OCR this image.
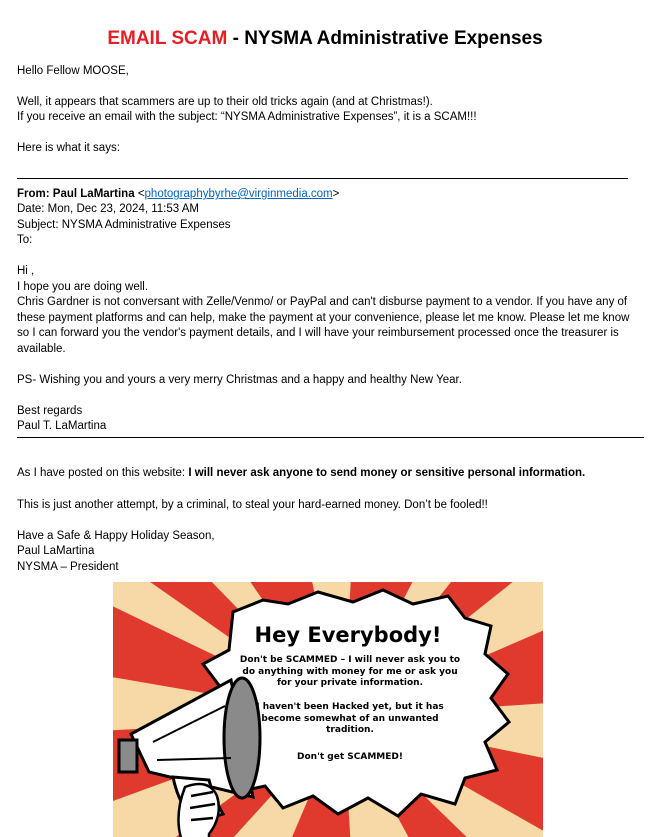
EMAIL SCAM - NYSMA Administrative Expenses
Hello Fellow MOOSE,
Well, it appears that scammers are up to their old tricks again (and at Christmas!).
If you receive an email with the subject: “NYSMA Administrative Expenses”, it is a SCAM!!!
Here is what it says:
From: Paul LaMartina <photographybyrhe@virginmedia.com>
Date: Mon, Dec 23, 2024, 11:53 AM
Subject: NYSMA Administrative Expenses
To:
Hi ,
I hope you are doing well.
Chris Gardner is not conversant with Zelle/Venmo/ or PayPal and can't disburse payment to a vendor. If you have any of these payment platforms and can help, make the payment at your convenience, please let me know. Please let me know so I can forward you the vendor's payment details, and I will have your reimbursement processed once the treasurer is available.
PS- Wishing you and yours a very merry Christmas and a happy and healthy New Year.
Best regards
Paul T. LaMartina
As I have posted on this website: I will never ask anyone to send money or sensitive personal information.
This is just another attempt, by a criminal, to steal your hard-earned money. Don’t be fooled!!
Have a Safe & Happy Holiday Season,
Paul LaMartina
NYSMA – President
Hey Everybody!
Don't be SCAMMED – I will never ask you to do anything with money for me or ask you for your private information.
I haven't been Hacked yet, but it has become somewhat of an unwanted tradition.
Don't get SCAMMED!
